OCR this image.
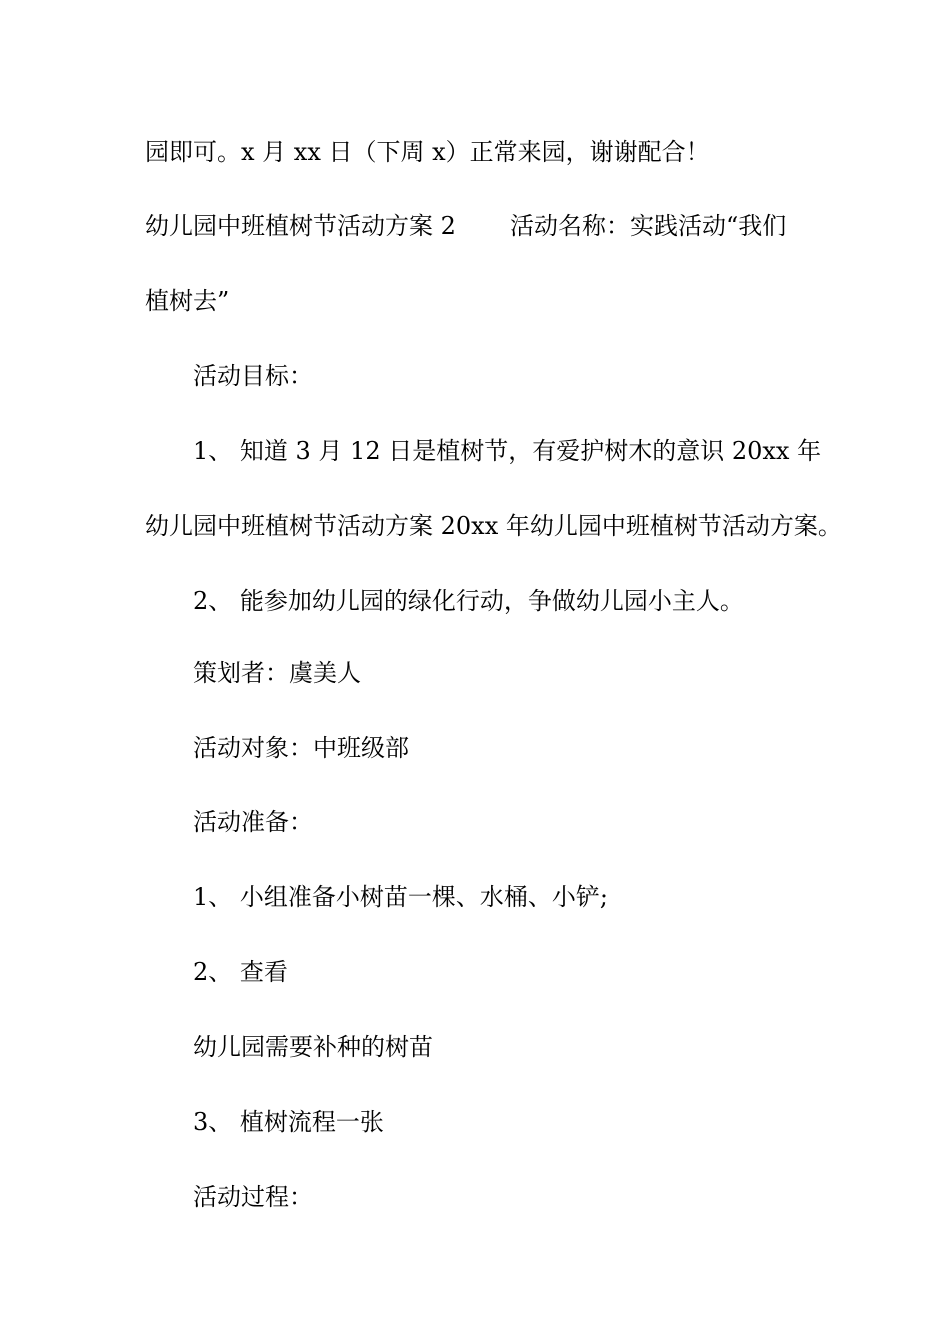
园即可。x 月 xx 日（下周 x）正常来园，谢谢配合！
幼儿园中班植树节活动方案 2 活动名称：实践活动“我们
植树去”
活动目标：
1、 知道 3 月 12 日是植树节，有爱护树木的意识 20xx 年
幼儿园中班植树节活动方案 20xx 年幼儿园中班植树节活动方案。
2、 能参加幼儿园的绿化行动，争做幼儿园小主人。
策划者：虞美人
活动对象：中班级部
活动准备：
1、 小组准备小树苗一棵、水桶、小铲;
2、 查看
幼儿园需要补种的树苗
3、 植树流程一张
活动过程：
